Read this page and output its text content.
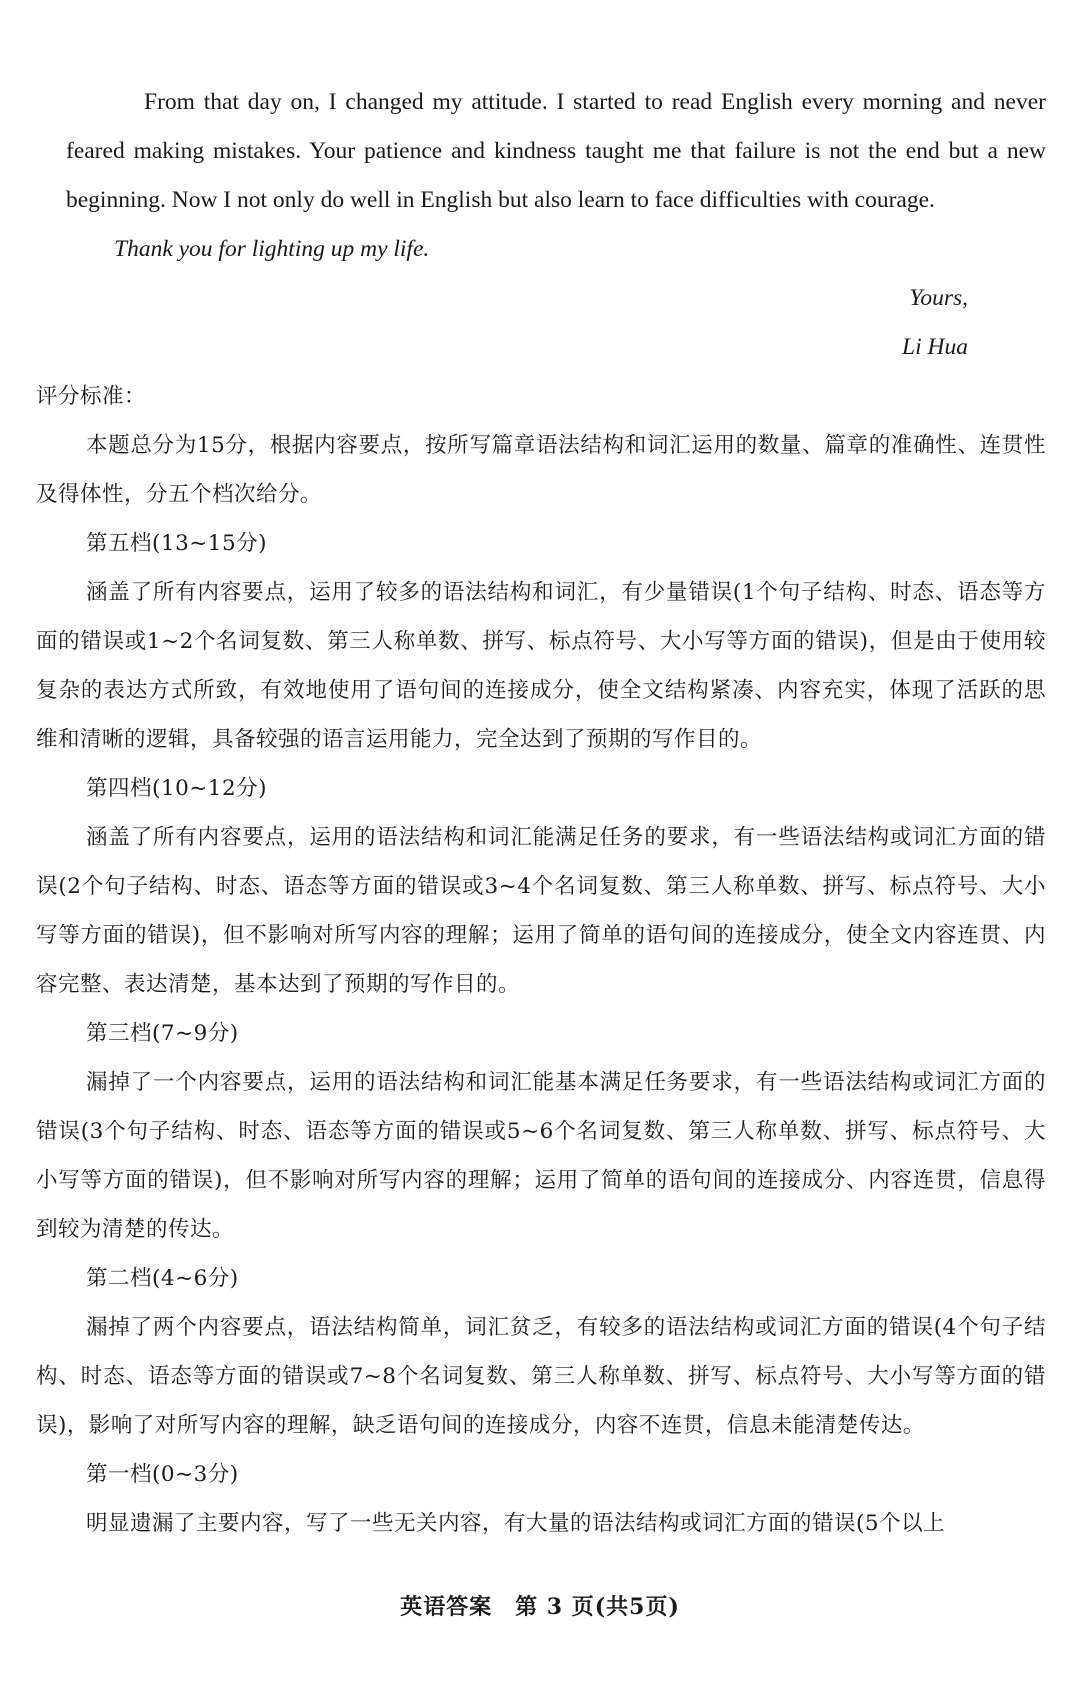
From that day on, I changed my attitude. I started to read English every morning and never feared making mistakes. Your patience and kindness taught me that failure is not the end but a new beginning. Now I not only do well in English but also learn to face difficulties with courage.

Thank you for lighting up my life.

Yours,

Li Hua

评分标准：

本题总分为15分，根据内容要点，按所写篇章语法结构和词汇运用的数量、篇章的准确性、连贯性及得体性，分五个档次给分。

第五档(13~15分)

涵盖了所有内容要点，运用了较多的语法结构和词汇，有少量错误(1个句子结构、时态、语态等方面的错误或1~2个名词复数、第三人称单数、拼写、标点符号、大小写等方面的错误)，但是由于使用较复杂的表达方式所致，有效地使用了语句间的连接成分，使全文结构紧凑、内容充实，体现了活跃的思维和清晰的逻辑，具备较强的语言运用能力，完全达到了预期的写作目的。

第四档(10~12分)

涵盖了所有内容要点，运用的语法结构和词汇能满足任务的要求，有一些语法结构或词汇方面的错误(2个句子结构、时态、语态等方面的错误或3~4个名词复数、第三人称单数、拼写、标点符号、大小写等方面的错误)，但不影响对所写内容的理解；运用了简单的语句间的连接成分，使全文内容连贯、内容完整、表达清楚，基本达到了预期的写作目的。

第三档(7~9分)

漏掉了一个内容要点，运用的语法结构和词汇能基本满足任务要求，有一些语法结构或词汇方面的错误(3个句子结构、时态、语态等方面的错误或5~6个名词复数、第三人称单数、拼写、标点符号、大小写等方面的错误)，但不影响对所写内容的理解；运用了简单的语句间的连接成分、内容连贯，信息得到较为清楚的传达。

第二档(4~6分)

漏掉了两个内容要点，语法结构简单，词汇贫乏，有较多的语法结构或词汇方面的错误(4个句子结构、时态、语态等方面的错误或7~8个名词复数、第三人称单数、拼写、标点符号、大小写等方面的错误)，影响了对所写内容的理解，缺乏语句间的连接成分，内容不连贯，信息未能清楚传达。

第一档(0~3分)

明显遗漏了主要内容，写了一些无关内容，有大量的语法结构或词汇方面的错误(5个以上

英语答案　第 3 页(共5页)
